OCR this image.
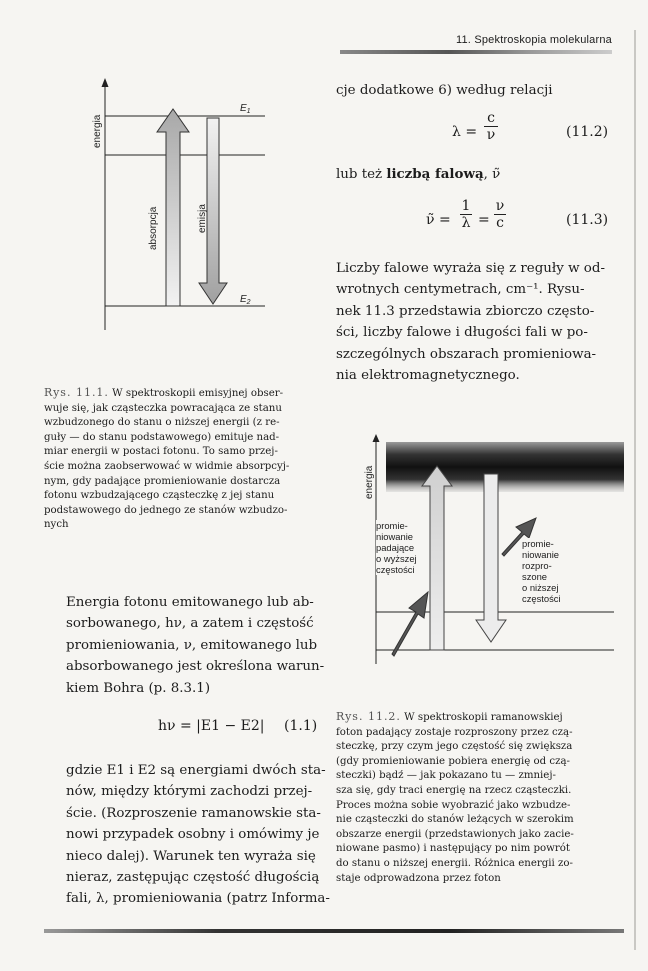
11. Spektroskopia molekularna
energia
absorpcja	emisja
$E_1$
$E_2$
Rys. 11.1. W spektroskopii emisyjnej obser-
wuje się, jak cząsteczka powracająca ze stanu
wzbudzonego do stanu o niższej energii (z re-
guły — do stanu podstawowego) emituje nad-
miar energii w postaci fotonu. To samo przej-
ście można zaobserwować w widmie absorpcyj-
nym, gdy padające promieniowanie dostarcza
fotonu wzbudzającego cząsteczkę z jej stanu
podstawowego do jednego ze stanów wzbudzo-
nych
Energia fotonu emitowanego lub ab-
sorbowanego, hν, a zatem i częstość
promieniowania, ν, emitowanego lub
absorbowanego jest określona warun-
kiem Bohra (p. 8.3.1)
hν = |E1 − E2| (1.1)
gdzie E1 i E2 są energiami dwóch sta-
nów, między którymi zachodzi przej-
ście. (Rozproszenie ramanowskie sta-
nowi przypadek osobny i omówimy je
nieco dalej). Warunek ten wyraża się
nieraz, zastępując częstość długością
fali, λ, promieniowania (patrz Informa-
cje dodatkowe 6) według relacji
λ =
c
ν	(11.2)
lub też liczbą falową, ν̃
ν̃ =
1
λ =
ν
c	(11.3)
Liczby falowe wyraża się z reguły w od-
wrotnych centymetrach, cm⁻¹. Rysu-
nek 11.3 przedstawia zbiorczo często-
ści, liczby falowe i długości fali w po-
szczególnych obszarach promieniowa-
nia elektromagnetycznego.
energia
promie-
niowanie
padające
o wyższej
częstości
promie-
niowanie
rozpro-
szone
o niższej
częstości
Rys. 11.2. W spektroskopii ramanowskiej
foton padający zostaje rozproszony przez czą-
steczkę, przy czym jego częstość się zwiększa
(gdy promieniowanie pobiera energię od czą-
steczki) bądź — jak pokazano tu — zmniej-
sza się, gdy traci energię na rzecz cząsteczki.
Proces można sobie wyobrazić jako wzbudze-
nie cząsteczki do stanów leżących w szerokim
obszarze energii (przedstawionych jako zacie-
niowane pasmo) i następujący po nim powrót
do stanu o niższej energii. Różnica energii zo-
staje odprowadzona przez foton
